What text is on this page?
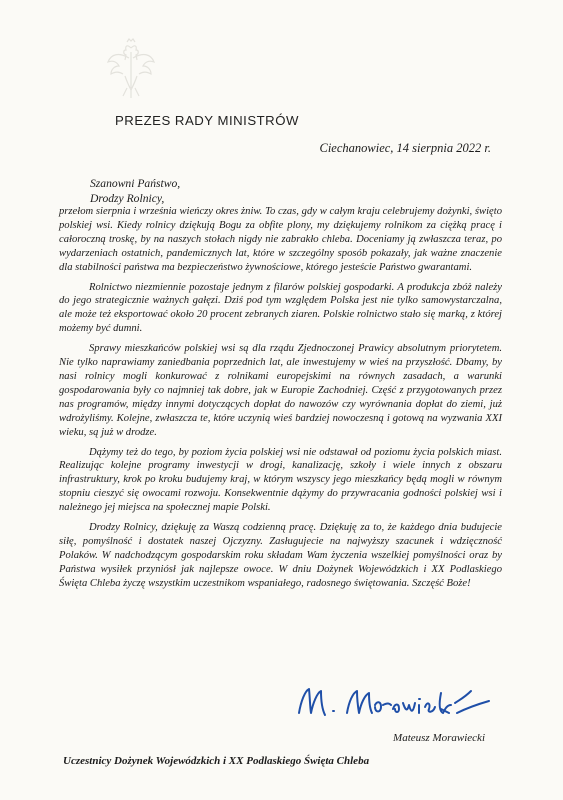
PREZES RADY MINISTRÓW
Ciechanowiec, 14 sierpnia 2022 r.
Szanowni Państwo,
Drodzy Rolnicy,

przełom sierpnia i września wieńczy okres żniw. To czas, gdy w całym kraju celebrujemy dożynki, święto polskiej wsi. Kiedy rolnicy dziękują Bogu za obfite plony, my dziękujemy rolnikom za ciężką pracę i całoroczną troskę, by na naszych stołach nigdy nie zabrakło chleba. Doceniamy ją zwłaszcza teraz, po wydarzeniach ostatnich, pandemicznych lat, które w szczególny sposób pokazały, jak ważne znaczenie dla stabilności państwa ma bezpieczeństwo żywnościowe, którego jesteście Państwo gwarantami.

Rolnictwo niezmiennie pozostaje jednym z filarów polskiej gospodarki. A produkcja zbóż należy do jego strategicznie ważnych gałęzi. Dziś pod tym względem Polska jest nie tylko samowystarczalna, ale może też eksportować około 20 procent zebranych ziaren. Polskie rolnictwo stało się marką, z której możemy być dumni.

Sprawy mieszkańców polskiej wsi są dla rządu Zjednoczonej Prawicy absolutnym priorytetem. Nie tylko naprawiamy zaniedbania poprzednich lat, ale inwestujemy w wieś na przyszłość. Dbamy, by nasi rolnicy mogli konkurować z rolnikami europejskimi na równych zasadach, a warunki gospodarowania były co najmniej tak dobre, jak w Europie Zachodniej. Część z przygotowanych przez nas programów, między innymi dotyczących dopłat do nawozów czy wyrównania dopłat do ziemi, już wdrożyliśmy. Kolejne, zwłaszcza te, które uczynią wieś bardziej nowoczesną i gotową na wyzwania XXI wieku, są już w drodze.

Dążymy też do tego, by poziom życia polskiej wsi nie odstawał od poziomu życia polskich miast. Realizując kolejne programy inwestycji w drogi, kanalizację, szkoły i wiele innych z obszaru infrastruktury, krok po kroku budujemy kraj, w którym wszyscy jego mieszkańcy będą mogli w równym stopniu cieszyć się owocami rozwoju. Konsekwentnie dążymy do przywracania godności polskiej wsi i należnego jej miejsca na społecznej mapie Polski.

Drodzy Rolnicy, dziękuję za Waszą codzienną pracę. Dziękuję za to, że każdego dnia budujecie siłę, pomyślność i dostatek naszej Ojczyzny. Zasługujecie na najwyższy szacunek i wdzięczność Polaków. W nadchodzącym gospodarskim roku składam Wam życzenia wszelkiej pomyślności oraz by Państwa wysiłek przyniósł jak najlepsze owoce. W dniu Dożynek Wojewódzkich i XX Podlaskiego Święta Chleba życzę wszystkim uczestnikom wspaniałego, radosnego świętowania. Szczęść Boże!

Mateusz Morawiecki
Uczestnicy Dożynek Wojewódzkich i XX Podlaskiego Święta Chleba
